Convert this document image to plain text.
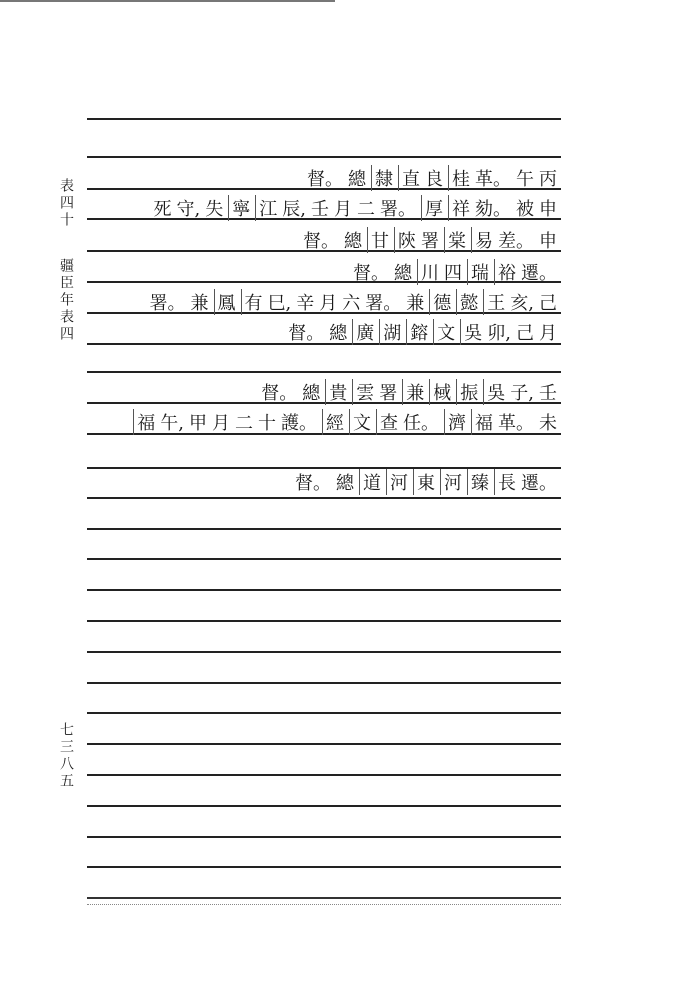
表四十
疆臣年表四
七三八五
督。 總 隸 直 良 桂 革。 午 丙
死 守, 失 寧 江 辰, 壬 月 二 署。 厚 祥 劾。 被 申
督。 總 甘 陝 署 棠 易 差。 申
督。 總 川 四 瑞 裕 遷。
署。 兼 鳳 有 巳, 辛 月 六 署。 兼 德 懿 王 亥, 己
督。 總 廣 湖 鎔 文 吳 卯, 己 月
督。 總 貴 雲 署 兼 棫 振 吳 子, 壬
福 午, 甲 月 二 十 護。 經 文 查 任。 濟 福 革。 未
督。 總 道 河 東 河 臻 長 遷。
